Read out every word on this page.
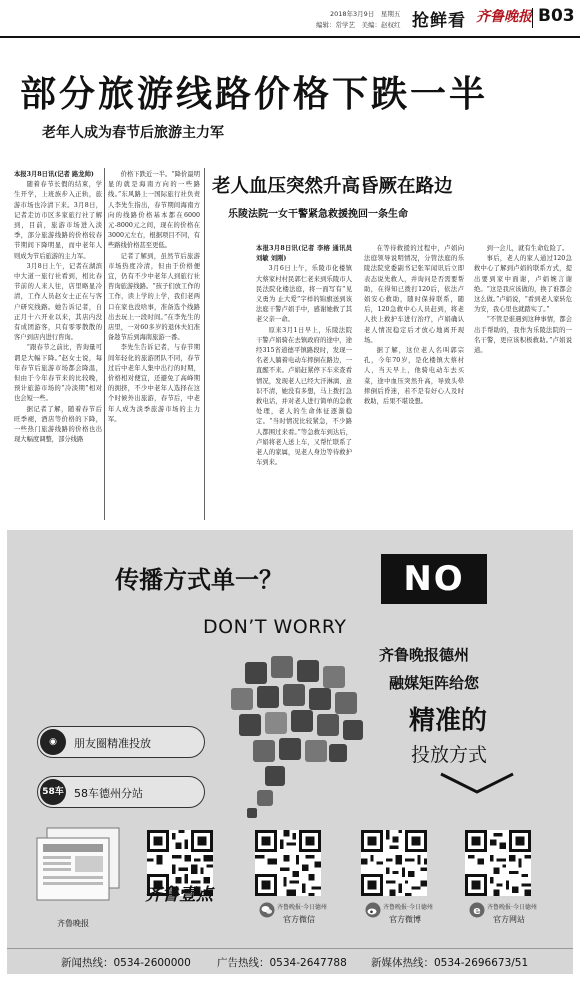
2018年3月9日　星期五
编辑：常学艺　美编：赵权红 抢鲜看 齐鲁晚报 B03
部分旅游线路价格下跌一半
老年人成为春节后旅游主力军

本报3月8日讯(记者 路龙帅)

随着春节长假的结束，学生开学，上班族步入正轨，旅游市场也冷清下来。3月8日，记者走访市区多家旅行社了解到，目前，旅游市场进入淡季，部分旅游线路的价格较春节期间下降明显，而中老年人则成为节后旅游的主力军。

3月8日上午，记者在湖滨中大道一旅行社看到，相比春节前的人来人往，店里略显冷清，工作人员赵女士正在与客户研究线路。她告诉记者，自正月十六开业以来，其店内没有成团游客，只有零零散散的客户到店内进行咨询。

“跟春节之前比，咨询量可谓是大幅下降。”赵女士说，每年春节后旅游市场都会降温，但由于今年春节来的比较晚，预计旅游市场的“冷淡期”相对也会短一些。

据记者了解，随着春节后旺季褪，酒店等价格的下降，一些热门旅游线路的价格也出现大幅度调整，部分线路

价格下跌近一半。“降价最明显的就是海南方向的一些路线。”东风路上一国际旅行社负责人李先生指出，春节期间海南方向的线路价格基本都在6000元-8000元之间，现在的价格在3000元左右，根据项目不同，有些路线价格甚至更低。

记者了解到，虽然节后旅游市场热度冷清，但由于价格便宜，仍有不少中老年人到旅行社咨询旅游线路。“孩子们放工作的工作，读上学的上学，我们老两口在家也没啥事，准备选个线路出去玩上一段时间。”在李先生的店里，一对60多岁的退休夫妇准备趁节后到海南旅游一番。

李先生告诉记者，与春节期间年轻化的旅游团队不同，春节过后中老年人集中出行的时期，价格相对便宜，还避免了高峰期的拥挤，不少中老年人选择在这个时候外出旅游，春节后，中老年人成为淡季旅游市场的主力军。

老人血压突然升高昏厥在路边
乐陵法院一女干警紧急救援挽回一条生命

本报3月8日讯(记者 李榕 通讯员 刘敏 刘刚)

3月6日上午，乐陵市化楼镇大蔡家村村民郭仁老来到乐陵市人民法院化楼法庭，将一面写有“见义勇为 止大爱”字样的锦旗送到该法庭干警卢娟手中，感谢她救了其老父亲一命。

原来3月1日早上，乐陵法院干警卢娟骑在去镇政府的途中，途经315省道德平镇路段时，发现一名老人躺着电动车摔倒在路边，一直醒不来。卢娟赶紧停下车来查看情况，发现老人已经大汗淋漓、意识不清，她没有多想，马上拨打急救电话，并对老人进行简单的急救处理，老人的生命体征逐渐稳定。“当时情况比较紧急，不少路人都围过来看。”等急救车到达后，卢娟将老人送上车，又帮忙联系了老人的家属，见老人身边等待救护车到来。

在等待救援的过程中，卢娟向法庭领导说明情况，分管法庭的乐陵法院党委副书记张军闻讯后立即表态说先救人，并询问是否需要帮助，在得知已拨打120后，依法卢娟安心救助，随时保持联系，随后，120急救中心人员赶到，将老人扶上救护车进行治疗，卢娟确认老人情况稳定后才放心地离开现场。

据了解，这位老人名叫郭宗孔，今年70岁，是化楼镇大蔡村人，当天早上，他骑电动车去买菜，途中血压突然升高，导致头晕摔倒后昏迷，若不是有好心人及时救助，后果不堪设想。

到一会儿，就有生命危险了。

事后，老人的家人通过120急救中心了解到卢娟的联系方式，提出要到家中面谢，卢娟婉言谢绝。“这是我应该做的，换了谁都会这么做。”卢娟说，“看到老人家转危为安，我心里也就踏实了。”

“不管是谁遇到这种事情，都会出手帮助的，我作为乐陵法院的一名干警，更应该积极救助。”卢娟说道。

传播方式单一？	NO
DON’T WORRY
齐鲁晚报德州
融媒矩阵给您
精准的
投放方式
◉	朋友圈精准投放
58车 58车德州分站
齐鲁晚报
齐鲁壹点
齐鲁晚报·今日德州
官方微信
齐鲁晚报·今日德州
官方微博
齐鲁晚报·今日德州
官方网站
e
新闻热线：0534-2600000 广告热线：0534-2647788 新媒体热线：0534-2696673/51
